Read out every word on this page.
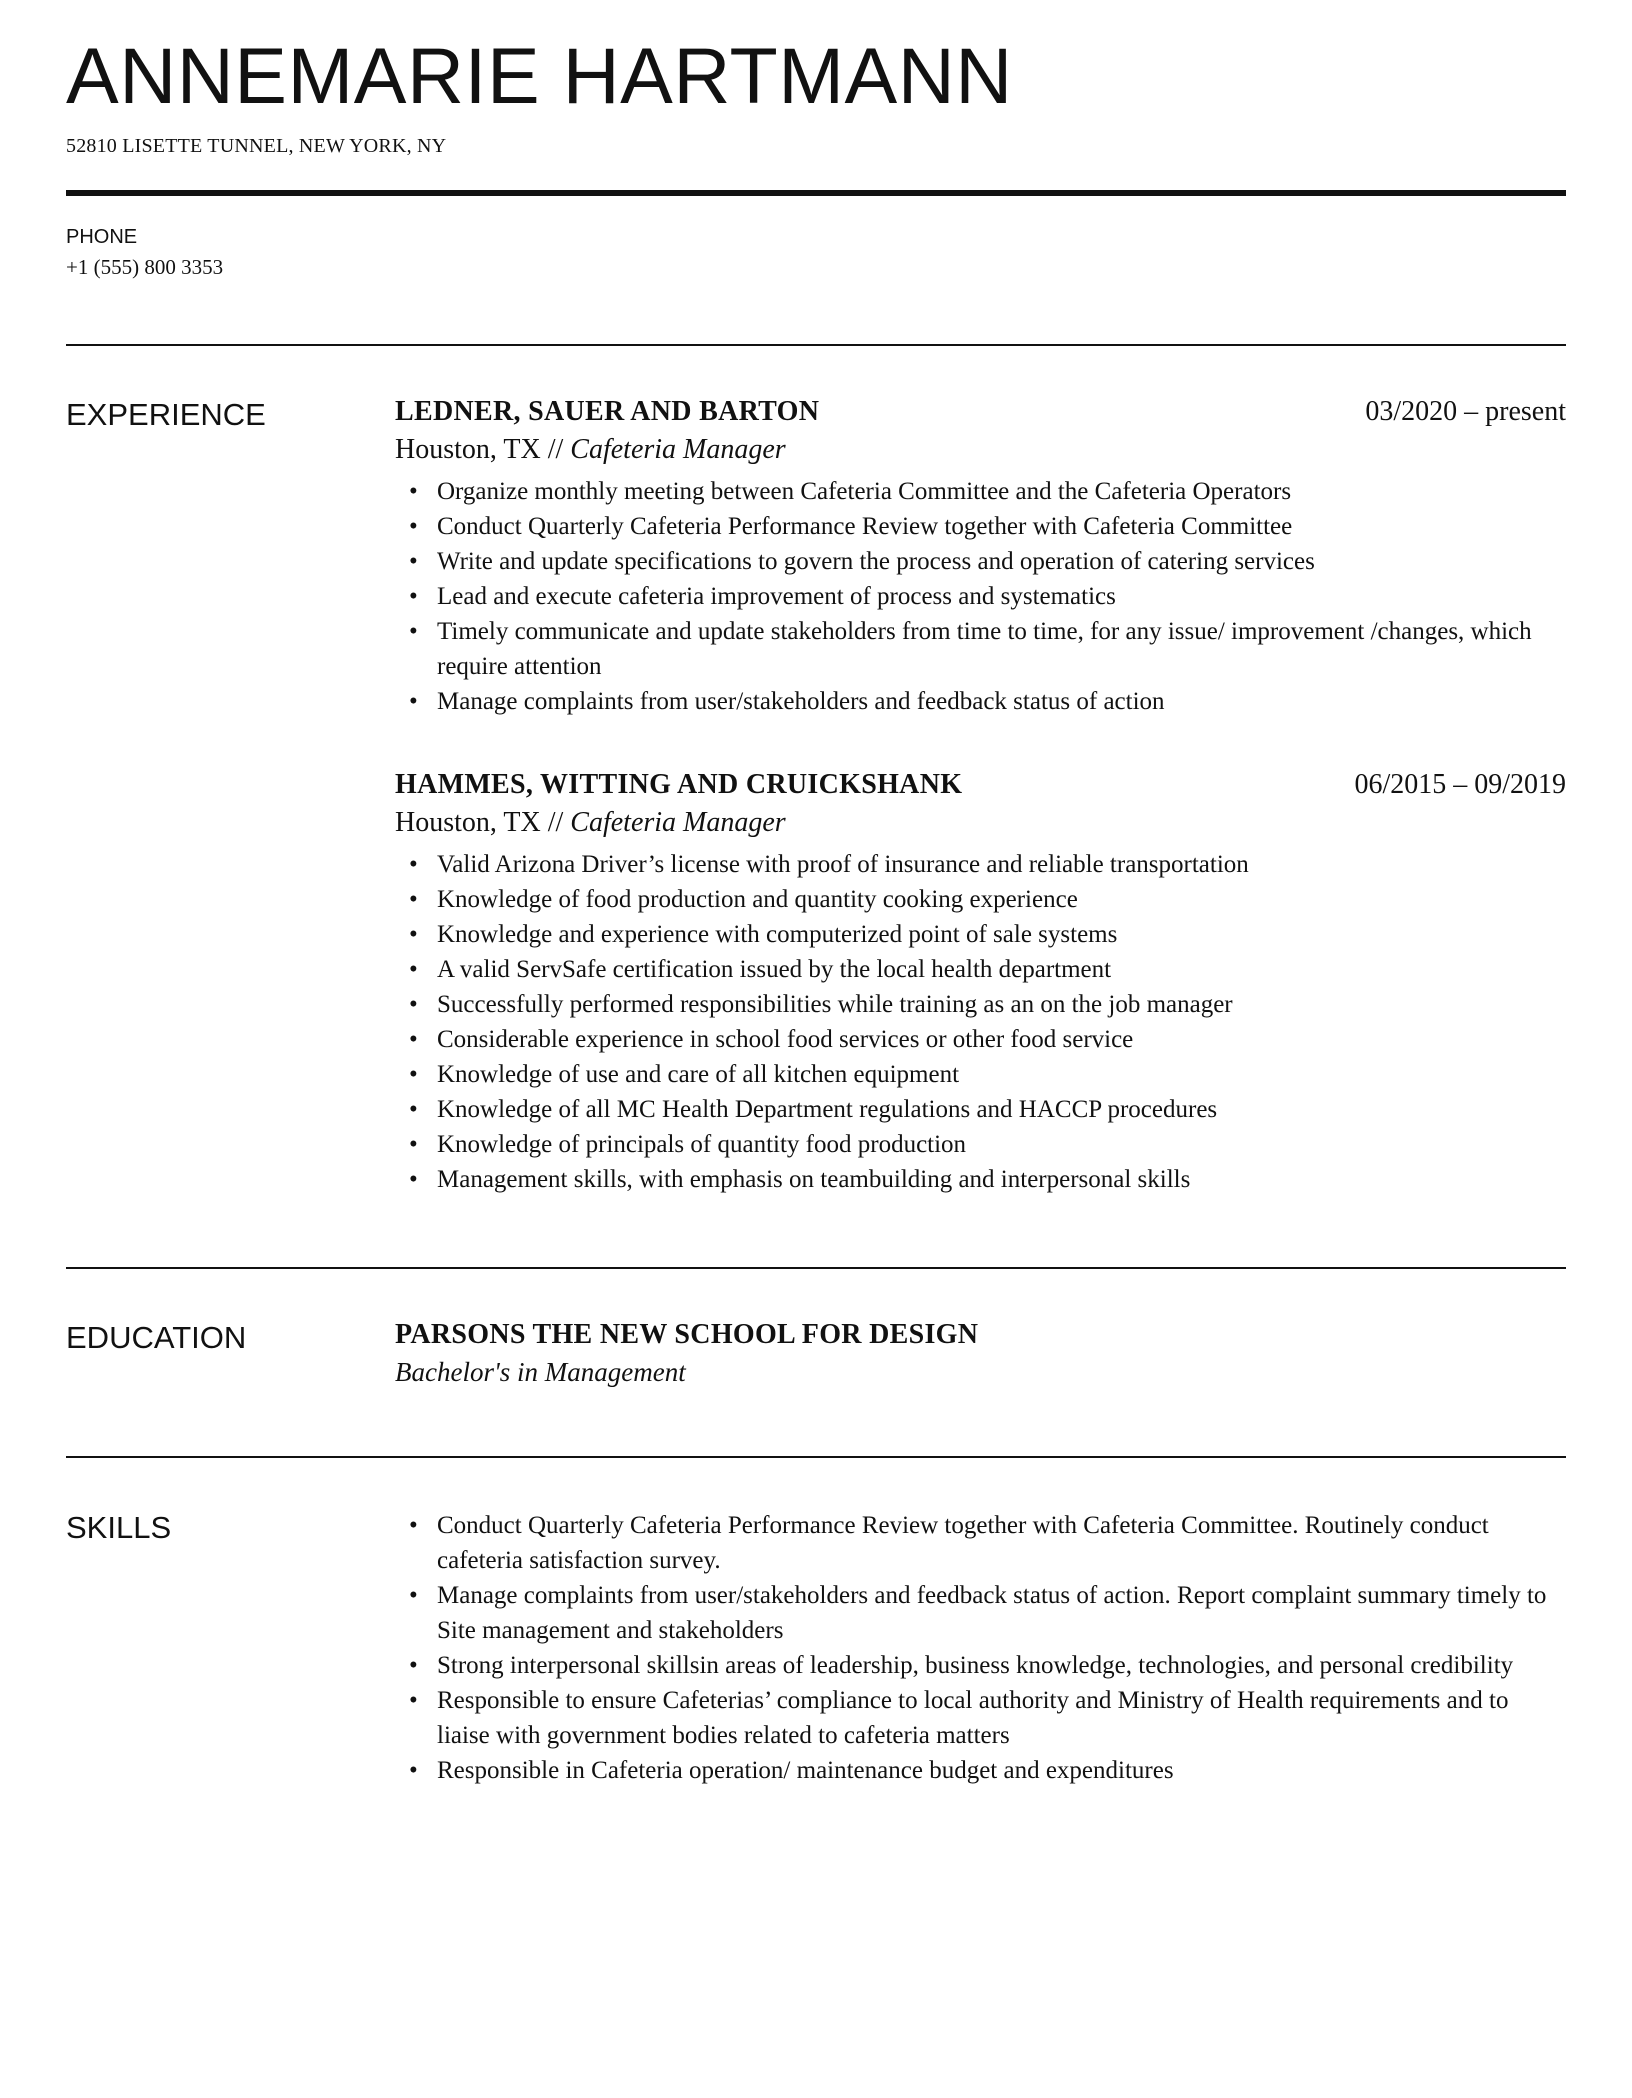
ANNEMARIE HARTMANN
52810 LISETTE TUNNEL, NEW YORK, NY
PHONE
+1 (555) 800 3353
EXPERIENCE	LEDNER, SAUER AND BARTON	03/2020 – present
Houston, TX // Cafeteria Manager
• Organize monthly meeting between Cafeteria Committee and the Cafeteria Operators
• Conduct Quarterly Cafeteria Performance Review together with Cafeteria Committee
• Write and update specifications to govern the process and operation of catering services
• Lead and execute cafeteria improvement of process and systematics
• Timely communicate and update stakeholders from time to time, for any issue/ improvement /changes, which require attention
• Manage complaints from user/stakeholders and feedback status of action
HAMMES, WITTING AND CRUICKSHANK	06/2015 – 09/2019
Houston, TX // Cafeteria Manager
• Valid Arizona Driver’s license with proof of insurance and reliable transportation
• Knowledge of food production and quantity cooking experience
• Knowledge and experience with computerized point of sale systems
• A valid ServSafe certification issued by the local health department
• Successfully performed responsibilities while training as an on the job manager
• Considerable experience in school food services or other food service
• Knowledge of use and care of all kitchen equipment
• Knowledge of all MC Health Department regulations and HACCP procedures
• Knowledge of principals of quantity food production
• Management skills, with emphasis on teambuilding and interpersonal skills
EDUCATION	PARSONS THE NEW SCHOOL FOR DESIGN
Bachelor's in Management
SKILLS
•	Conduct Quarterly Cafeteria Performance Review together with Cafeteria Committee. Routinely conduct cafeteria satisfaction survey.
• Manage complaints from user/stakeholders and feedback status of action. Report complaint summary timely to Site management and stakeholders
• Strong interpersonal skillsin areas of leadership, business knowledge, technologies, and personal credibility
• Responsible to ensure Cafeterias’ compliance to local authority and Ministry of Health requirements and to liaise with government bodies related to cafeteria matters
• Responsible in Cafeteria operation/ maintenance budget and expenditures
